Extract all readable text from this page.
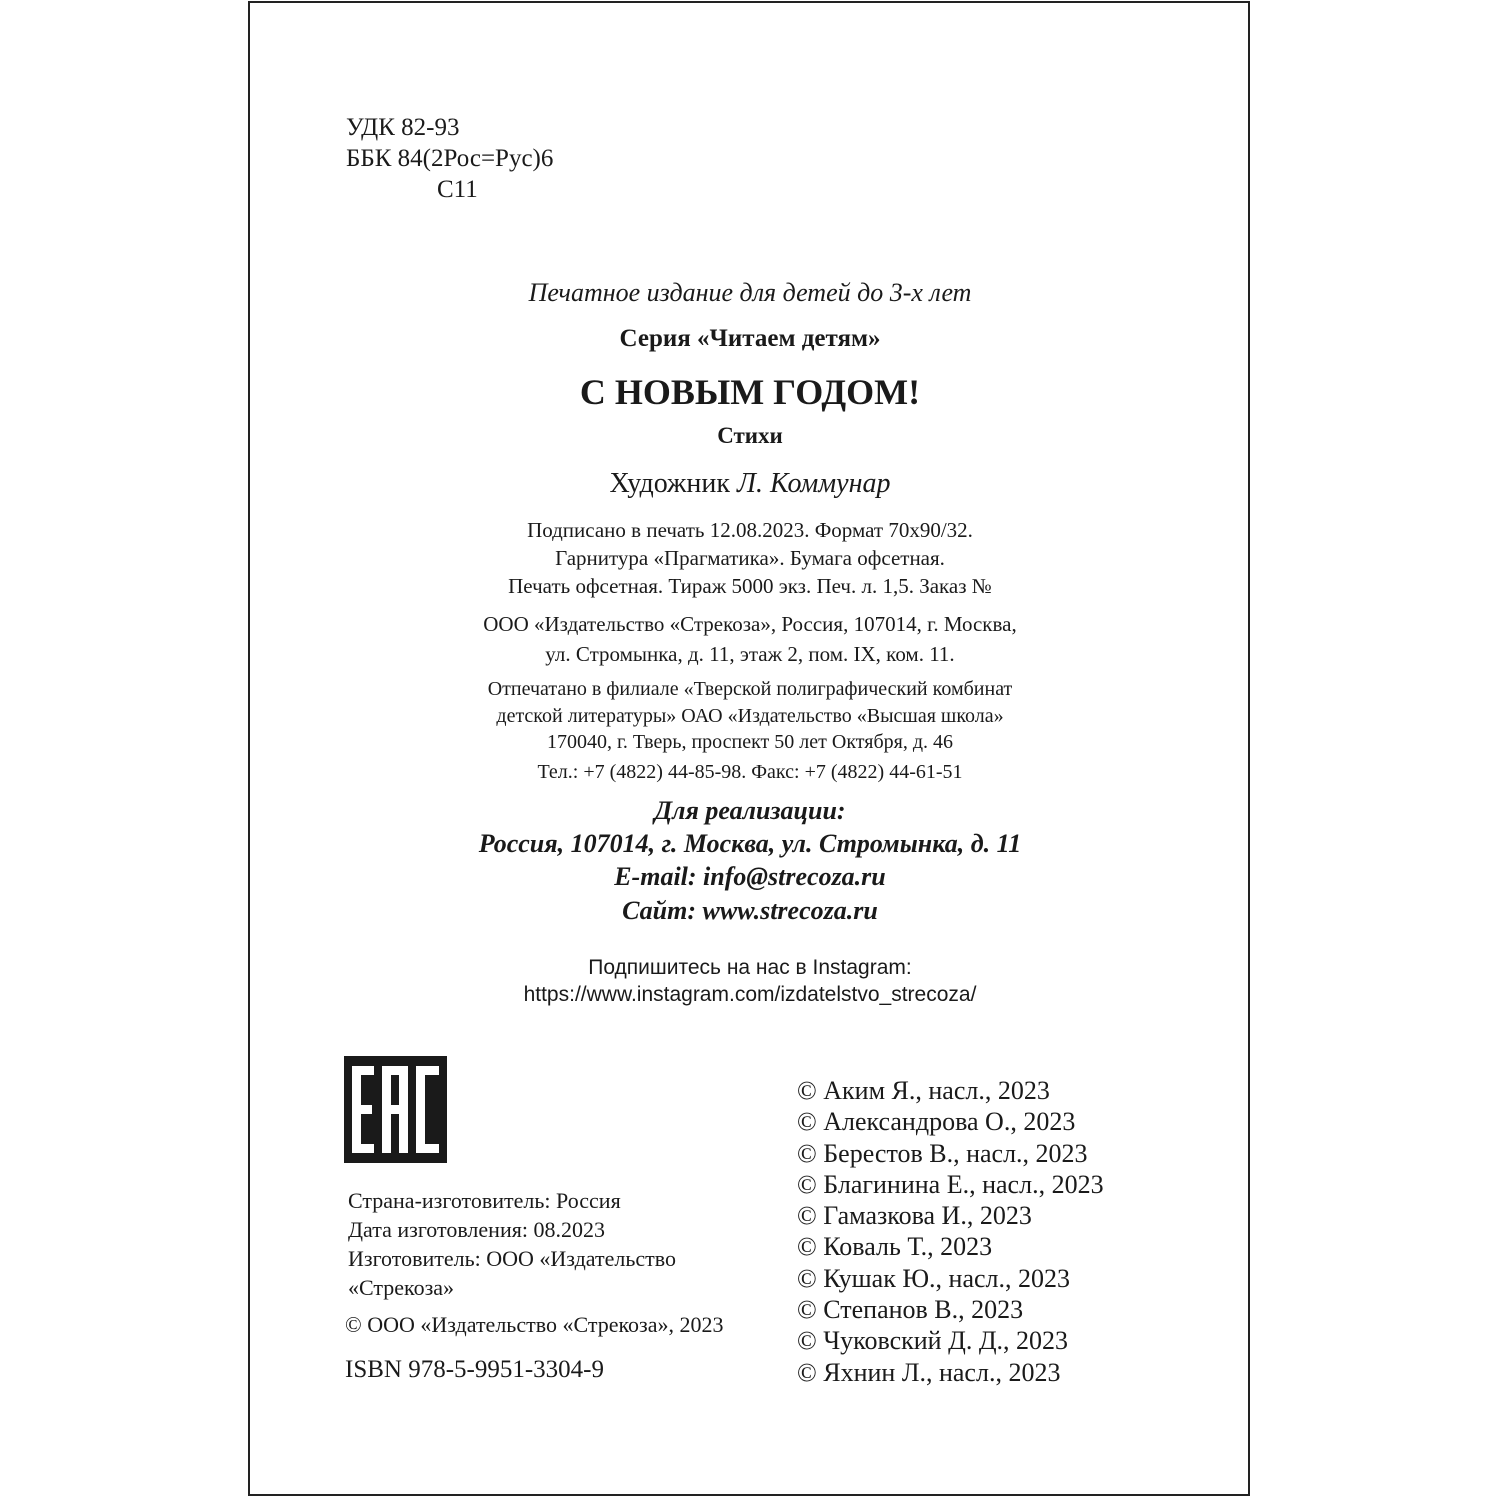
УДК 82-93
ББК 84(2Рос=Рус)6
С11
Печатное издание для детей до 3-х лет
Серия «Читаем детям»
С НОВЫМ ГОДОМ!
Стихи
Художник Л. Коммунар
Подписано в печать 12.08.2023. Формат 70x90/32.
Гарнитура «Прагматика». Бумага офсетная.
Печать офсетная. Тираж 5000 экз. Печ. л. 1,5. Заказ №
ООО «Издательство «Стрекоза», Россия, 107014, г. Москва,
ул. Стромынка, д. 11, этаж 2, пом. IX, ком. 11.
Отпечатано в филиале «Тверской полиграфический комбинат
детской литературы» ОАО «Издательство «Высшая школа»
170040, г. Тверь, проспект 50 лет Октября, д. 46
Тел.: +7 (4822) 44-85-98. Факс: +7 (4822) 44-61-51
Для реализации:
Россия, 107014, г. Москва, ул. Стромынка, д. 11
E-mail: info@strecoza.ru
Сайт: www.strecoza.ru
Подпишитесь на нас в Instagram:
https://www.instagram.com/izdatelstvo_strecoza/
Страна-изготовитель: Россия
Дата изготовления: 08.2023
Изготовитель: ООО «Издательство
«Стрекоза»
© ООО «Издательство «Стрекоза», 2023
ISBN 978-5-9951-3304-9
© Аким Я., насл., 2023
© Александрова О., 2023
© Берестов В., насл., 2023
© Благинина Е., насл., 2023
© Гамазкова И., 2023
© Коваль Т., 2023
© Кушак Ю., насл., 2023
© Степанов В., 2023
© Чуковский Д. Д., 2023
© Яхнин Л., насл., 2023
